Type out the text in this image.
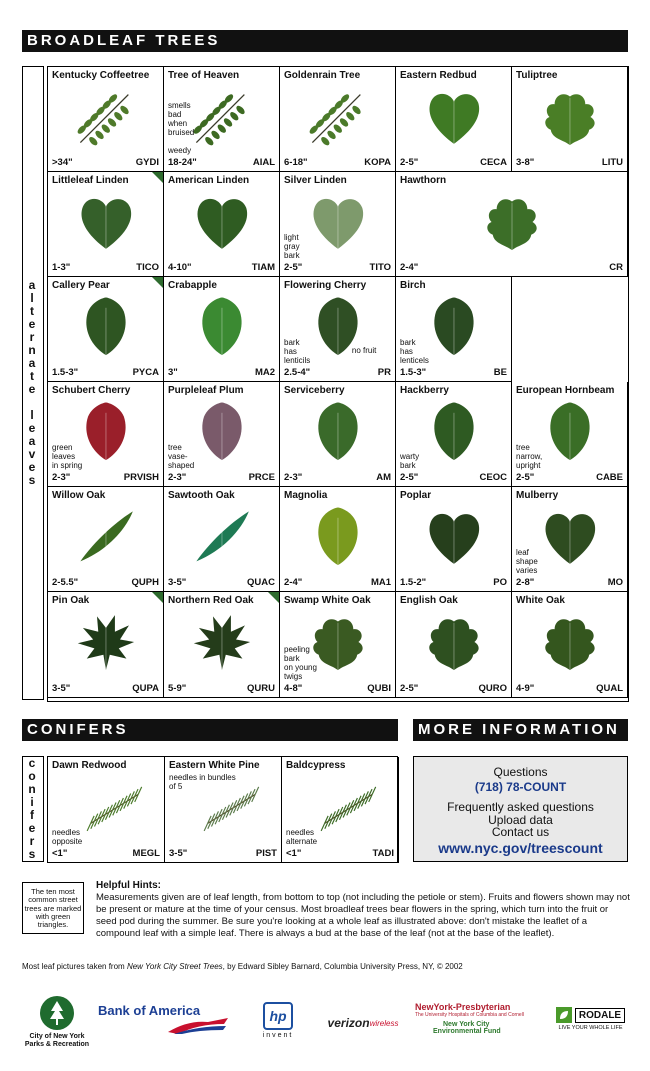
BROADLEAF TREES
a
l
t
e
r
n
a
t
e

l
e
a
v
e
s
Kentucky Coffeetree
>34"	GYDI
Tree of Heaven
18-24"	AIAL
smells
bad
when
bruised

weedy
Goldenrain Tree
6-18"	KOPA
Eastern Redbud
2-5"	CECA
Tuliptree
3-8"	LITU
Littleleaf Linden
1-3"	TICO
American Linden
4-10"	TIAM
Silver Linden
2-5"	TITO
light
gray
bark
Hawthorn
2-4"	CR
Callery Pear
1.5-3"	PYCA
Crabapple
3"	MA2
Flowering Cherry
2.5-4"	PR
bark
has
lenticils
no fruit
Birch
1.5-3"	BE
bark
has
lenticels
Schubert Cherry
2-3"	PRVISH
green
leaves
in spring
Purpleleaf Plum
2-3"	PRCE
tree
vase-
shaped
Serviceberry
2-3"	AM
Hackberry
2-5"	CEOC
warty
bark
European Hornbeam
2-5"	CABE
tree
narrow,
upright
Willow Oak
2-5.5"	QUPH
Sawtooth Oak
3-5"	QUAC
Magnolia
2-4"	MA1
Poplar
1.5-2"	PO
Mulberry
2-8"	MO
leaf
shape
varies
Pin Oak
3-5"	QUPA
Northern Red Oak
5-9"	QURU
Swamp White Oak
4-8"	QUBI
peeling
bark
on young
twigs
English Oak
2-5"	QURO
White Oak
4-9"	QUAL
CONIFERS
c
o
n
i
f
e
r
s
Dawn Redwood
<1"	MEGL
needles
opposite
Eastern White Pine
3-5"	PIST
needles in bundles
of 5
Baldcypress
<1"	TADI
needles
alternate
MORE INFORMATION
Questions
(718) 78-COUNT
Frequently asked questions
Upload data
Contact us
www.nyc.gov/treescount
The ten most common street trees are marked with green triangles.
Helpful Hints:
Measurements given are of leaf length, from bottom to top (not including the petiole or stem). Fruits and flowers shown may not be present or mature at the time of your census. Most broadleaf trees bear flowers in the spring, which turn into the fruit or seed pod during the summer. Be sure you're looking at a whole leaf as illustrated above: don't mistake the leaflet of a compound leaf with a simple leaf. There is always a bud at the base of the leaf (not at the base of the leaflet).
Most leaf pictures taken from New York City Street Trees, by Edward Sibley Barnard, Columbia University Press, NY, © 2002
City of New York
Parks & Recreation
Bank of America	hp
invent
verizon wireless
NewYork-Presbyterian
The University Hospitals of Columbia and Cornell
New York City
Environmental Fund
RODALE
LIVE YOUR WHOLE LIFE
